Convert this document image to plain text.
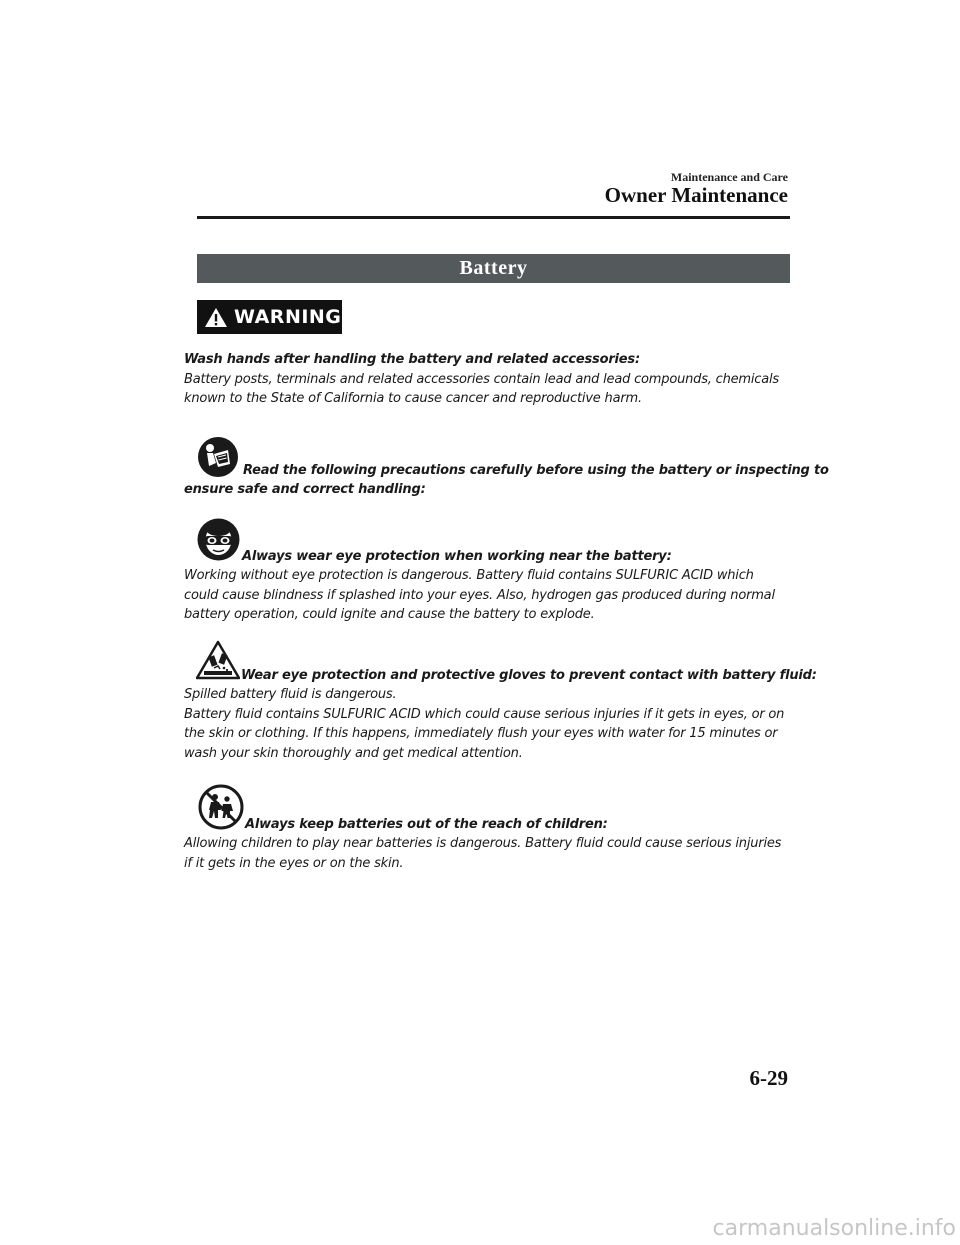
Maintenance and Care
Owner Maintenance
Battery
WARNING

Wash hands after handling the battery and related accessories:

Battery posts, terminals and related accessories contain lead and lead compounds, chemicals known to the State of California to cause cancer and reproductive harm.

Read the following precautions carefully before using the battery or inspecting to
ensure safe and correct handling:
Always wear eye protection when working near the battery:

Working without eye protection is dangerous. Battery fluid contains SULFURIC ACID which could cause blindness if splashed into your eyes. Also, hydrogen gas produced during normal battery operation, could ignite and cause the battery to explode.

Wear eye protection and protective gloves to prevent contact with battery fluid:

Spilled battery fluid is dangerous.

Battery fluid contains SULFURIC ACID which could cause serious injuries if it gets in eyes, or on the skin or clothing. If this happens, immediately flush your eyes with water for 15 minutes or wash your skin thoroughly and get medical attention.

Always keep batteries out of the reach of children:

Allowing children to play near batteries is dangerous. Battery fluid could cause serious injuries if it gets in the eyes or on the skin.

6-29
carmanualsonline.info
